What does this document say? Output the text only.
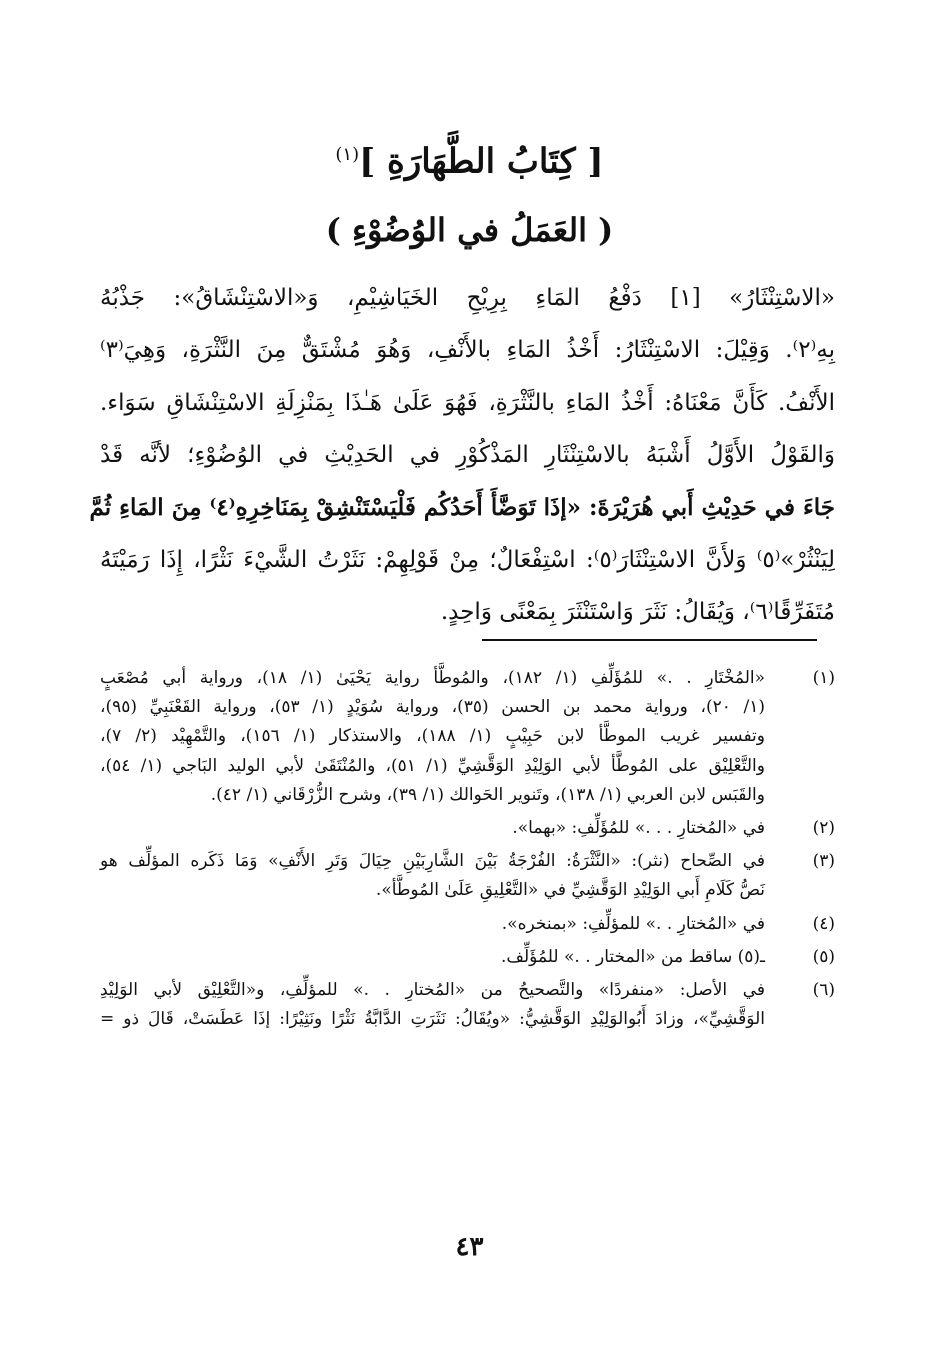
[ كِتَابُ الطَّهَارَةِ ]$^{(١)}$
( العَمَلُ في الوُضُوْءِ )
«الاسْتِنْثَارُ» [١] دَفْعُ المَاءِ بِرِيْحِ الخَيَاشِيْمِ، وَ«الاسْتِنْشَاقُ»: جَذْبُهُ
بِهِ⁽٢⁾. وَقِيْلَ: الاسْتِنْثَارُ: أَخْذُ المَاءِ بالأَنْفِ، وَهُوَ مُشْتَقٌّ مِنَ النَّثْرَةِ، وَهِيَ⁽٣⁾
الأَنْفُ. كَأَنَّ مَعْنَاهُ: أَخْذُ المَاءِ بالنَّثْرَةِ، فَهُوَ عَلَىٰ هَـٰذَا بِمَنْزِلَةِ الاسْتِنْشَاقِ سَوَاء.
وَالقَوْلُ الأَوَّلُ أَشْبَهُ بالاسْتِنْثَارِ المَذْكُوْرِ في الحَدِيْثِ في الوُضُوْءِ؛ لأنَّه قَدْ
جَاءَ في حَدِيْثِ أَبي هُرَيْرَةَ: «إذَا تَوَضَّأَ أَحَدُكُم فَلْيَسْتَنْشِقْ بِمَنَاخِرِهِ⁽٤⁾ مِنَ المَاءِ ثُمَّ
لِيَنْثُرْ»⁽٥⁾ وَلأَنَّ الاسْتِنْثَارَ⁽٥⁾: اسْتِفْعَالٌ؛ مِنْ قَوْلِهِمْ: نَثَرْتُ الشَّيْءَ نَثْرًا، إِذَا رَمَيْتَهُ
مُتَفَرِّقًا⁽٦⁾، وَيُقَالُ: نَثَرَ وَاسْتَنْثَرَ بِمَعْنًى وَاحِدٍ.
(١)
«المُخْتَارِ . .» للمُؤَلِّفِ (١/ ١٨٢)، والمُوطَّأ رواية يَحْيَىٰ (١/ ١٨)، ورواية أبي مُصْعَبٍ
(١/ ٢٠)، ورواية محمد بن الحسن (٣٥)، ورواية سُوَيْدٍ (١/ ٥٣)، ورواية القَعْنَبِيِّ (٩٥)،
وتفسير غريب الموطَّأ لابن حَبِيْبٍ (١/ ١٨٨)، والاستذكار (١/ ١٥٦)، والتَّمْهِيْد (٢/ ٧)،
والتَّعْلِيْق على المُوطَّأ لأبي الوَلِيْدِ الوَقَّشِيِّ (١/ ٥١)، والمُنْتَقَىٰ لأبي الوليد البَاجي (١/ ٥٤)،
والقَبَس لابن العربي (١/ ١٣٨)، وتَنوير الحَوالك (١/ ٣٩)، وشرح الزُّرْقَاني (١/ ٤٢).
(٢)
في «المُختارِ . . .» للمُؤَلِّفِ: «بهما».
(٣)
في الصِّحاح (نثر): «النَّثْرَةُ: الفُرْجَةُ بَيْنَ الشَّارِبَيْنِ حِيَالَ وَتَرِ الأَنْفِ» وَمَا ذَكَره المؤلِّف هو
نَصُّ كَلَامِ أَبي الوَلِيْدِ الوَقَّشِيِّ في «التَّعْلِيقِ عَلَىٰ المُوطَّأ».
(٤)
في «المُختارِ . .» للمؤلِّفِ: «بمنخره».
(٥)
ـ(٥) ساقط من «المختار . .» للمُؤَلِّف.
(٦)
في الأصل: «منفردًا» والتَّصحيحُ من «المُختارِ . .» للمؤلِّفِ، و«التَّعْلِيْق لأبي الوَلِيْدِ
الوَقَّشِيِّ»، وزادَ أَبُوالوَلِيْدِ الوَقَّشِيُّ: «ويُقَالُ: نَثَرَتِ الدَّابَّةُ نَثْرًا ونَثِيْرًا: إذَا عَطَسَتْ، قَالَ ذو =
٤٣
